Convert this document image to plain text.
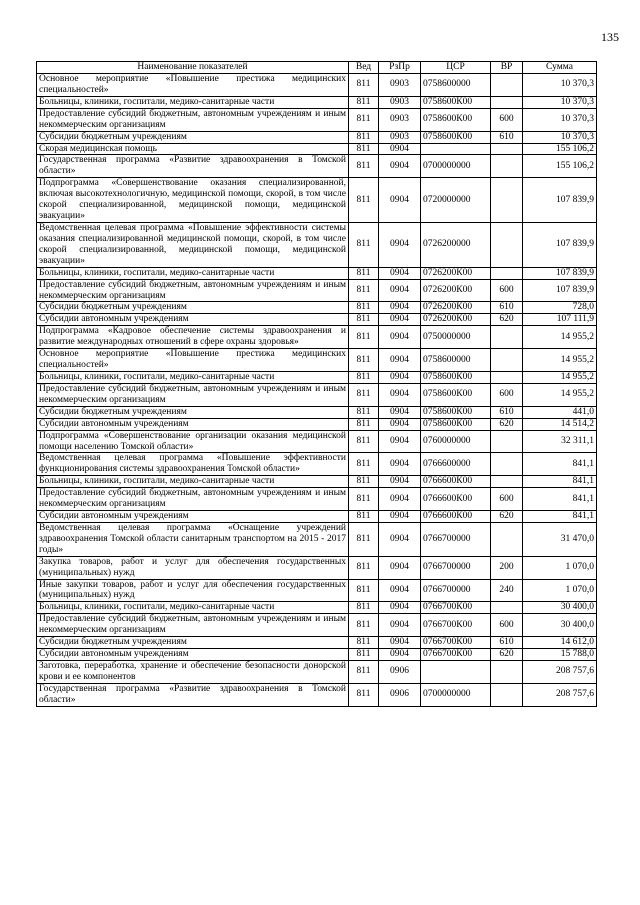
135
Наименование показателей	Вед	РзПр	ЦСР	ВР	Сумма
Основное мероприятие «Повышение престижа медицинских специальностей»	811	0903	0758600000		10 370,3
Больницы, клиники, госпитали, медико-санитарные части	811	0903	0758600К00		10 370,3
Предоставление субсидий бюджетным, автономным учреждениям и иным некоммерческим организациям	811	0903	0758600К00	600	10 370,3
Субсидии бюджетным учреждениям	811	0903	0758600К00	610	10 370,3
Скорая медицинская помощь	811	0904			155 106,2
Государственная программа «Развитие здравоохранения в Томской области»	811	0904	0700000000		155 106,2
Подпрограмма «Совершенствование оказания специализированной, включая высокотехнологичную, медицинской помощи, скорой, в том числе скорой специализированной, медицинской помощи, медицинской эвакуации»	811	0904	0720000000		107 839,9
Ведомственная целевая программа «Повышение эффективности системы оказания специализированной медицинской помощи, скорой, в том числе скорой специализированной, медицинской помощи, медицинской эвакуации»	811	0904	0726200000		107 839,9
Больницы, клиники, госпитали, медико-санитарные части	811	0904	0726200К00		107 839,9
Предоставление субсидий бюджетным, автономным учреждениям и иным некоммерческим организациям	811	0904	0726200К00	600	107 839,9
Субсидии бюджетным учреждениям	811	0904	0726200К00	610	728,0
Субсидии автономным учреждениям	811	0904	0726200К00	620	107 111,9
Подпрограмма «Кадровое обеспечение системы здравоохранения и развитие международных отношений в сфере охраны здоровья»	811	0904	0750000000		14 955,2
Основное мероприятие «Повышение престижа медицинских специальностей»	811	0904	0758600000		14 955,2
Больницы, клиники, госпитали, медико-санитарные части	811	0904	0758600К00		14 955,2
Предоставление субсидий бюджетным, автономным учреждениям и иным некоммерческим организациям	811	0904	0758600К00	600	14 955,2
Субсидии бюджетным учреждениям	811	0904	0758600К00	610	441,0
Субсидии автономным учреждениям	811	0904	0758600К00	620	14 514,2
Подпрограмма «Совершенствование организации оказания медицинской помощи населению Томской области»	811	0904	0760000000		32 311,1
Ведомственная целевая программа «Повышение эффективности функционирования системы здравоохранения Томской области»	811	0904	0766600000		841,1
Больницы, клиники, госпитали, медико-санитарные части	811	0904	0766600К00		841,1
Предоставление субсидий бюджетным, автономным учреждениям и иным некоммерческим организациям	811	0904	0766600К00	600	841,1
Субсидии автономным учреждениям	811	0904	0766600К00	620	841,1
Ведомственная целевая программа «Оснащение учреждений здравоохранения Томской области санитарным транспортом на 2015 - 2017 годы»	811	0904	0766700000		31 470,0
Закупка товаров, работ и услуг для обеспечения государственных (муниципальных) нужд	811	0904	0766700000	200	1 070,0
Иные закупки товаров, работ и услуг для обеспечения государственных (муниципальных) нужд	811	0904	0766700000	240	1 070,0
Больницы, клиники, госпитали, медико-санитарные части	811	0904	0766700К00		30 400,0
Предоставление субсидий бюджетным, автономным учреждениям и иным некоммерческим организациям	811	0904	0766700К00	600	30 400,0
Субсидии бюджетным учреждениям	811	0904	0766700К00	610	14 612,0
Субсидии автономным учреждениям	811	0904	0766700К00	620	15 788,0
Заготовка, переработка, хранение и обеспечение безопасности донорской крови и ее компонентов	811	0906			208 757,6
Государственная программа «Развитие здравоохранения в Томской области»	811	0906	0700000000		208 757,6
